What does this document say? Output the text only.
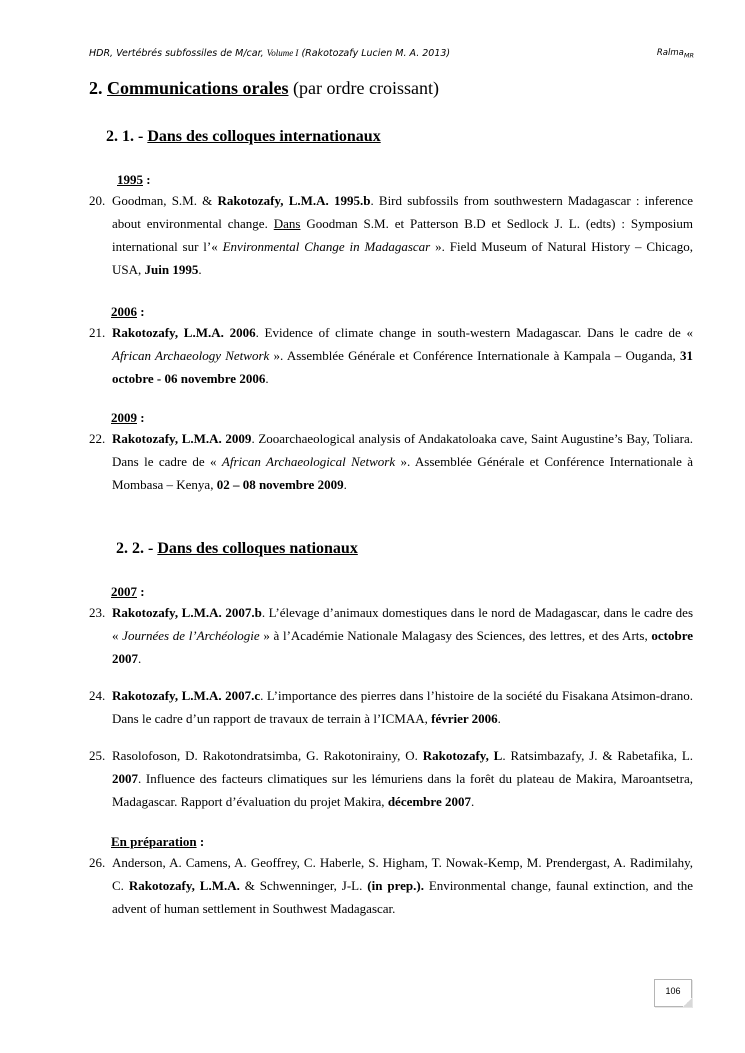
HDR, Vertébrés subfossiles de M/car, Volume I (Rakotozafy Lucien M. A. 2013)	Ralma$_{MR}$
2. Communications orales (par ordre croissant)
2. 1. - Dans des colloques internationaux
1995 :
20. Goodman, S.M. & Rakotozafy, L.M.A. 1995.b. Bird subfossils from southwestern Madagascar : inference about environmental change. Dans Goodman S.M. et Patterson B.D et Sedlock J. L. (edts) : Symposium international sur l’« Environmental Change in Madagascar ». Field Museum of Natural History – Chicago, USA, Juin 1995.
2006 :
21. Rakotozafy, L.M.A. 2006. Evidence of climate change in south-western Madagascar. Dans le cadre de « African Archaeology Network ». Assemblée Générale et Conférence Internationale à Kampala – Ouganda, 31 octobre - 06 novembre 2006.
2009 :
22. Rakotozafy, L.M.A. 2009. Zooarchaeological analysis of Andakatoloaka cave, Saint Augustine’s Bay, Toliara. Dans le cadre de « African Archaeological Network ». Assemblée Générale et Conférence Internationale à Mombasa – Kenya, 02 – 08 novembre 2009.
2. 2. - Dans des colloques nationaux
2007 :
23. Rakotozafy, L.M.A. 2007.b. L’élevage d’animaux domestiques dans le nord de Madagascar, dans le cadre des « Journées de l’Archéologie » à l’Académie Nationale Malagasy des Sciences, des lettres, et des Arts, octobre 2007.
24. Rakotozafy, L.M.A. 2007.c. L’importance des pierres dans l’histoire de la société du Fisakana Atsimon-drano. Dans le cadre d’un rapport de travaux de terrain à l’ICMAA, février 2006.
25. Rasolofoson, D. Rakotondratsimba, G. Rakotonirainy, O. Rakotozafy, L. Ratsimbazafy, J. & Rabetafika, L. 2007. Influence des facteurs climatiques sur les lémuriens dans la forêt du plateau de Makira, Maroantsetra, Madagascar. Rapport d’évaluation du projet Makira, décembre 2007.
En préparation :
26. Anderson, A. Camens, A. Geoffrey, C. Haberle, S. Higham, T. Nowak-Kemp, M. Prendergast, A. Radimilahy, C. Rakotozafy, L.M.A. & Schwenninger, J-L. (in prep.). Environmental change, faunal extinction, and the advent of human settlement in Southwest Madagascar.
106
